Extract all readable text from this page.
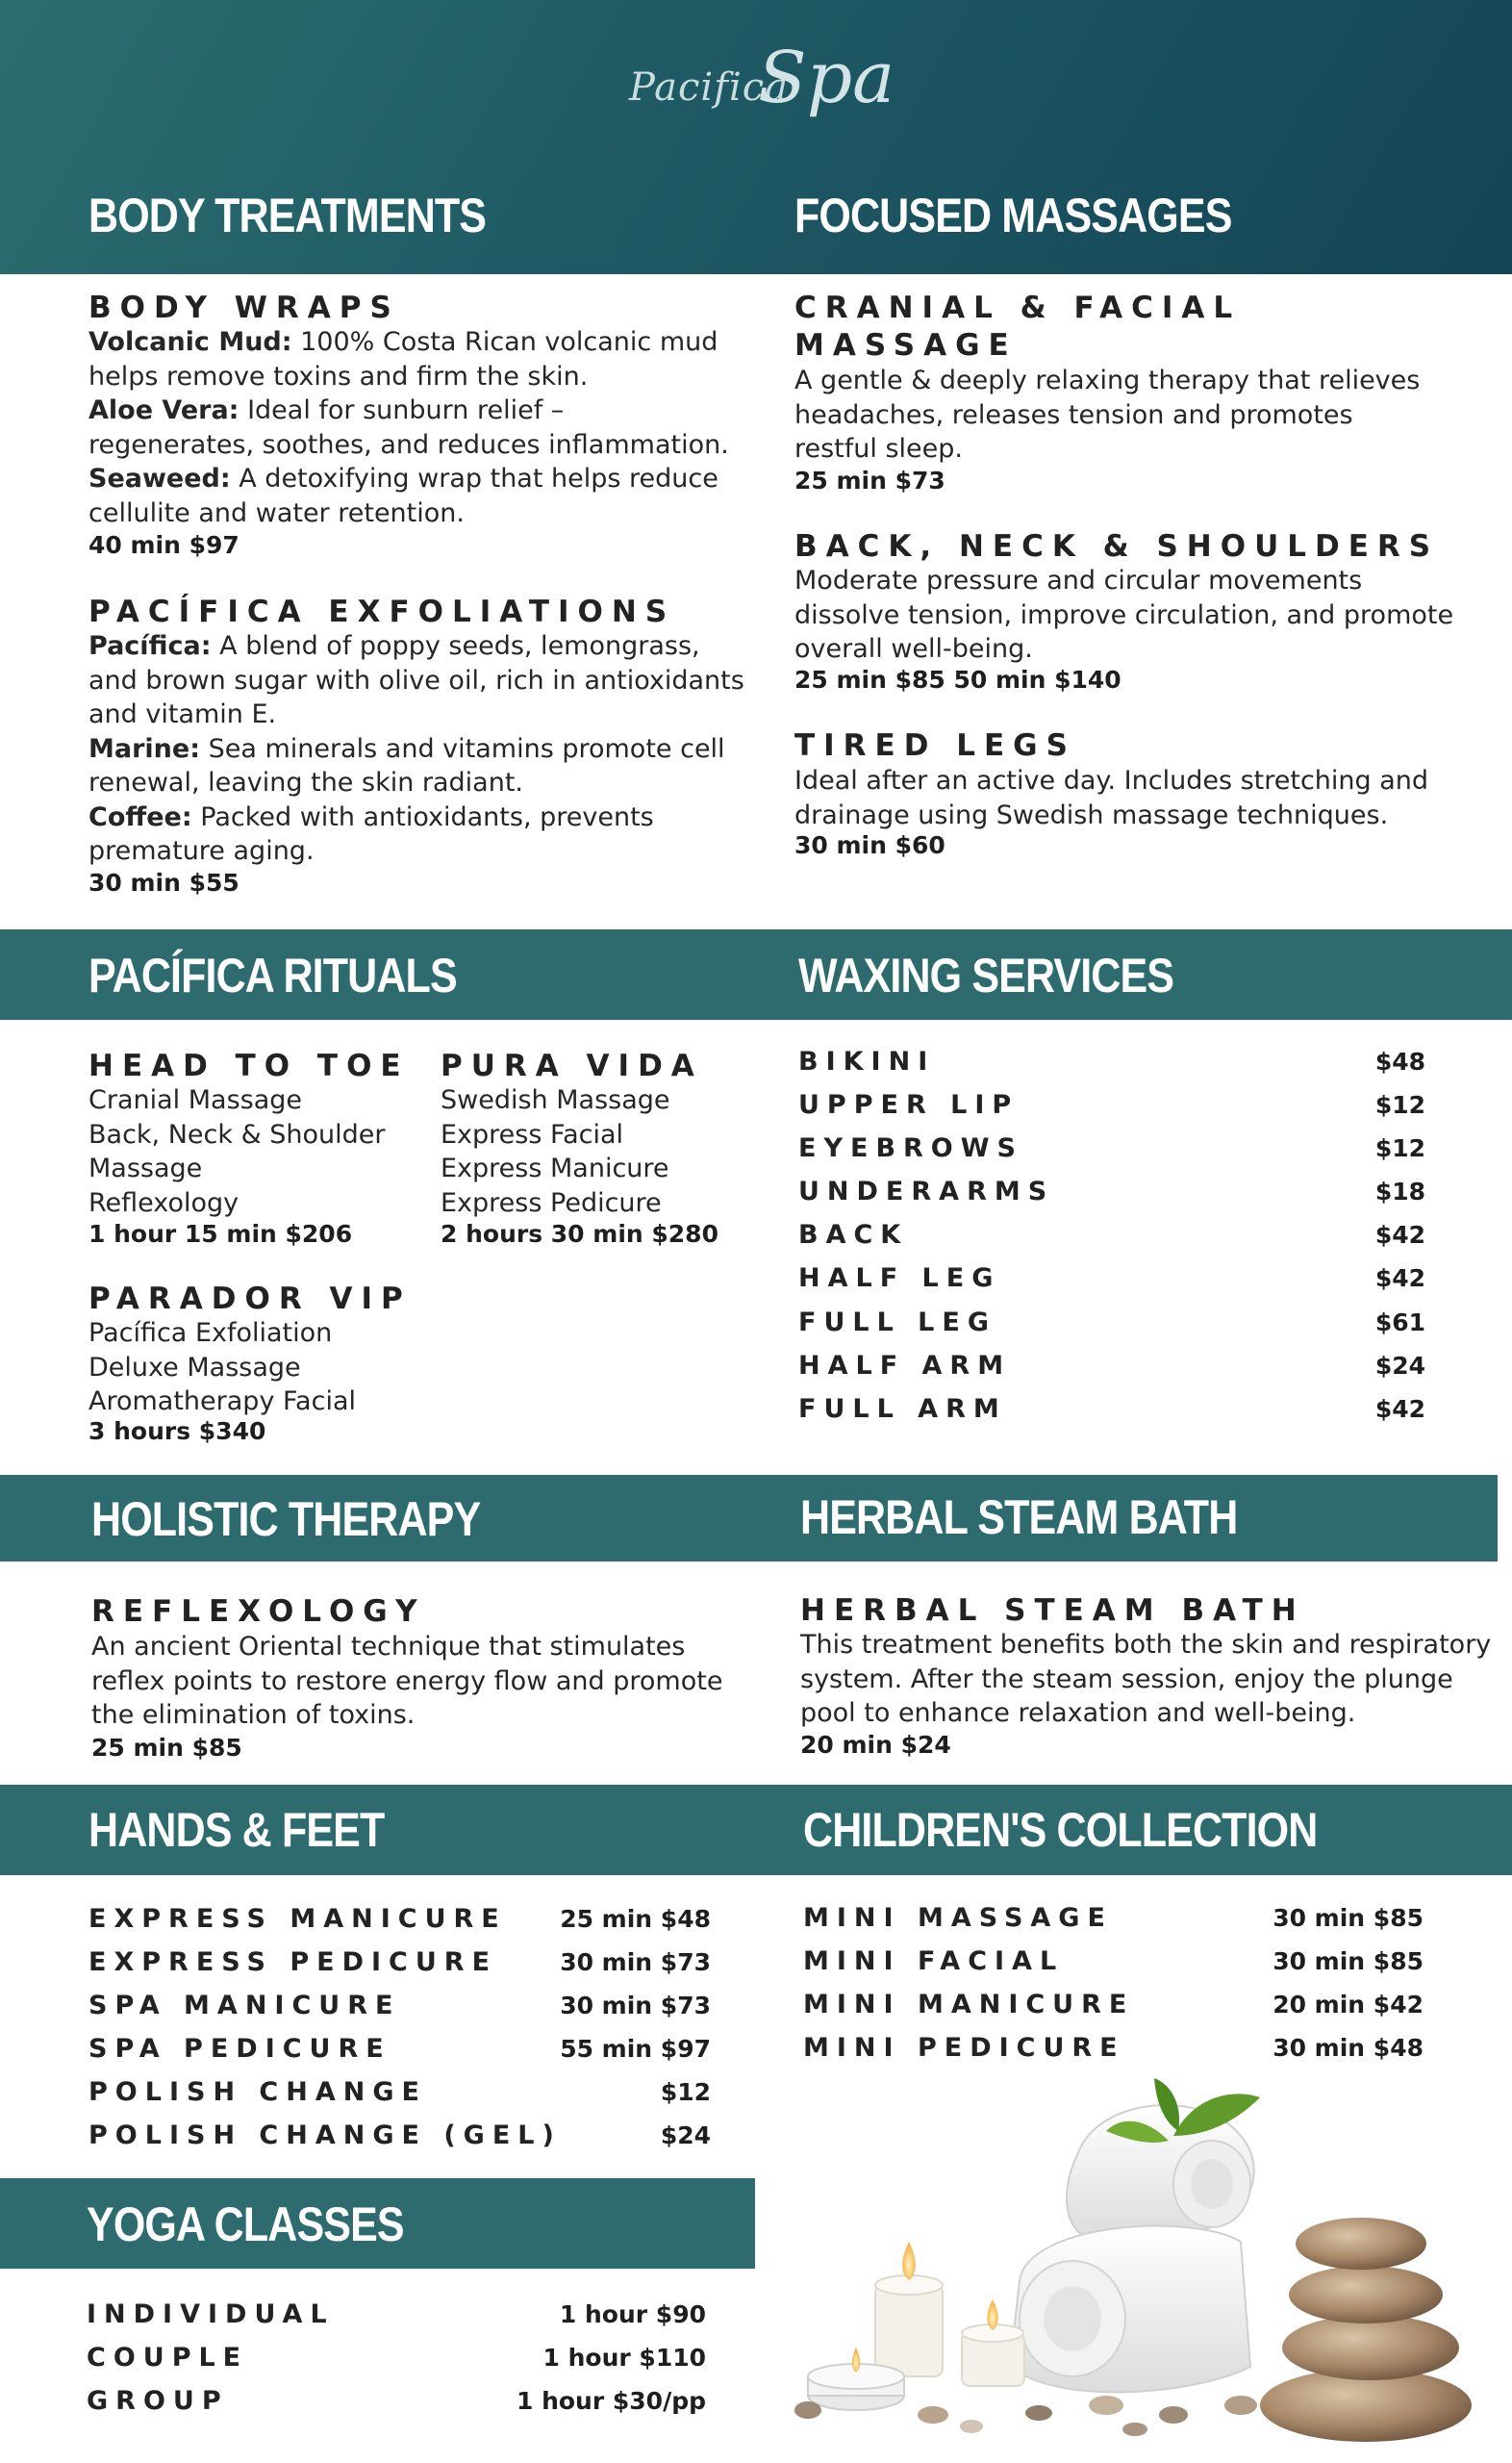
Pacifica
Spa
BODY TREATMENTS	FOCUSED MASSAGES
BODY WRAPS
Volcanic Mud: 100% Costa Rican volcanic mud
helps remove toxins and firm the skin.
Aloe Vera: Ideal for sunburn relief –
regenerates, soothes, and reduces inflammation.
Seaweed: A detoxifying wrap that helps reduce
cellulite and water retention.
40 min $97
PACÍFICA EXFOLIATIONS
Pacífica: A blend of poppy seeds, lemongrass,
and brown sugar with olive oil, rich in antioxidants
and vitamin E.
Marine: Sea minerals and vitamins promote cell
renewal, leaving the skin radiant.
Coffee: Packed with antioxidants, prevents
premature aging.
30 min $55
CRANIAL & FACIAL
MASSAGE
A gentle & deeply relaxing therapy that relieves
headaches, releases tension and promotes
restful sleep.
25 min $73
BACK, NECK & SHOULDERS
Moderate pressure and circular movements
dissolve tension, improve circulation, and promote
overall well-being.
25 min $85 50 min $140
TIRED LEGS
Ideal after an active day. Includes stretching and
drainage using Swedish massage techniques.
30 min $60
PACÍFICA RITUALS	WAXING SERVICES
HEAD TO TOE
Cranial Massage
Back, Neck & Shoulder
Massage
Reflexology
1 hour 15 min $206
PURA VIDA
Swedish Massage
Express Facial
Express Manicure
Express Pedicure
2 hours 30 min $280
PARADOR VIP
Pacífica Exfoliation
Deluxe Massage
Aromatherapy Facial
3 hours $340
BIKINI	$48
UPPER LIP	$12
EYEBROWS	$12
UNDERARMS	$18
BACK	$42
HALF LEG	$42
FULL LEG	$61
HALF ARM	$24
FULL ARM	$42
HOLISTIC THERAPY	HERBAL STEAM BATH
REFLEXOLOGY
An ancient Oriental technique that stimulates
reflex points to restore energy flow and promote
the elimination of toxins.
25 min $85
HERBAL STEAM BATH
This treatment benefits both the skin and respiratory
system. After the steam session, enjoy the plunge
pool to enhance relaxation and well-being.
20 min $24
HANDS & FEET	CHILDREN'S COLLECTION
EXPRESS MANICURE 25 min $48
EXPRESS PEDICURE	30 min $73
SPA MANICURE	30 min $73
SPA PEDICURE	55 min $97
POLISH CHANGE	$12
POLISH CHANGE (GEL)	$24
MINI MASSAGE	30 min $85
MINI FACIAL	30 min $85
MINI MANICURE	20 min $42
MINI PEDICURE	30 min $48
YOGA CLASSES
INDIVIDUAL	1 hour $90
COUPLE	1 hour $110
GROUP	1 hour $30/pp
